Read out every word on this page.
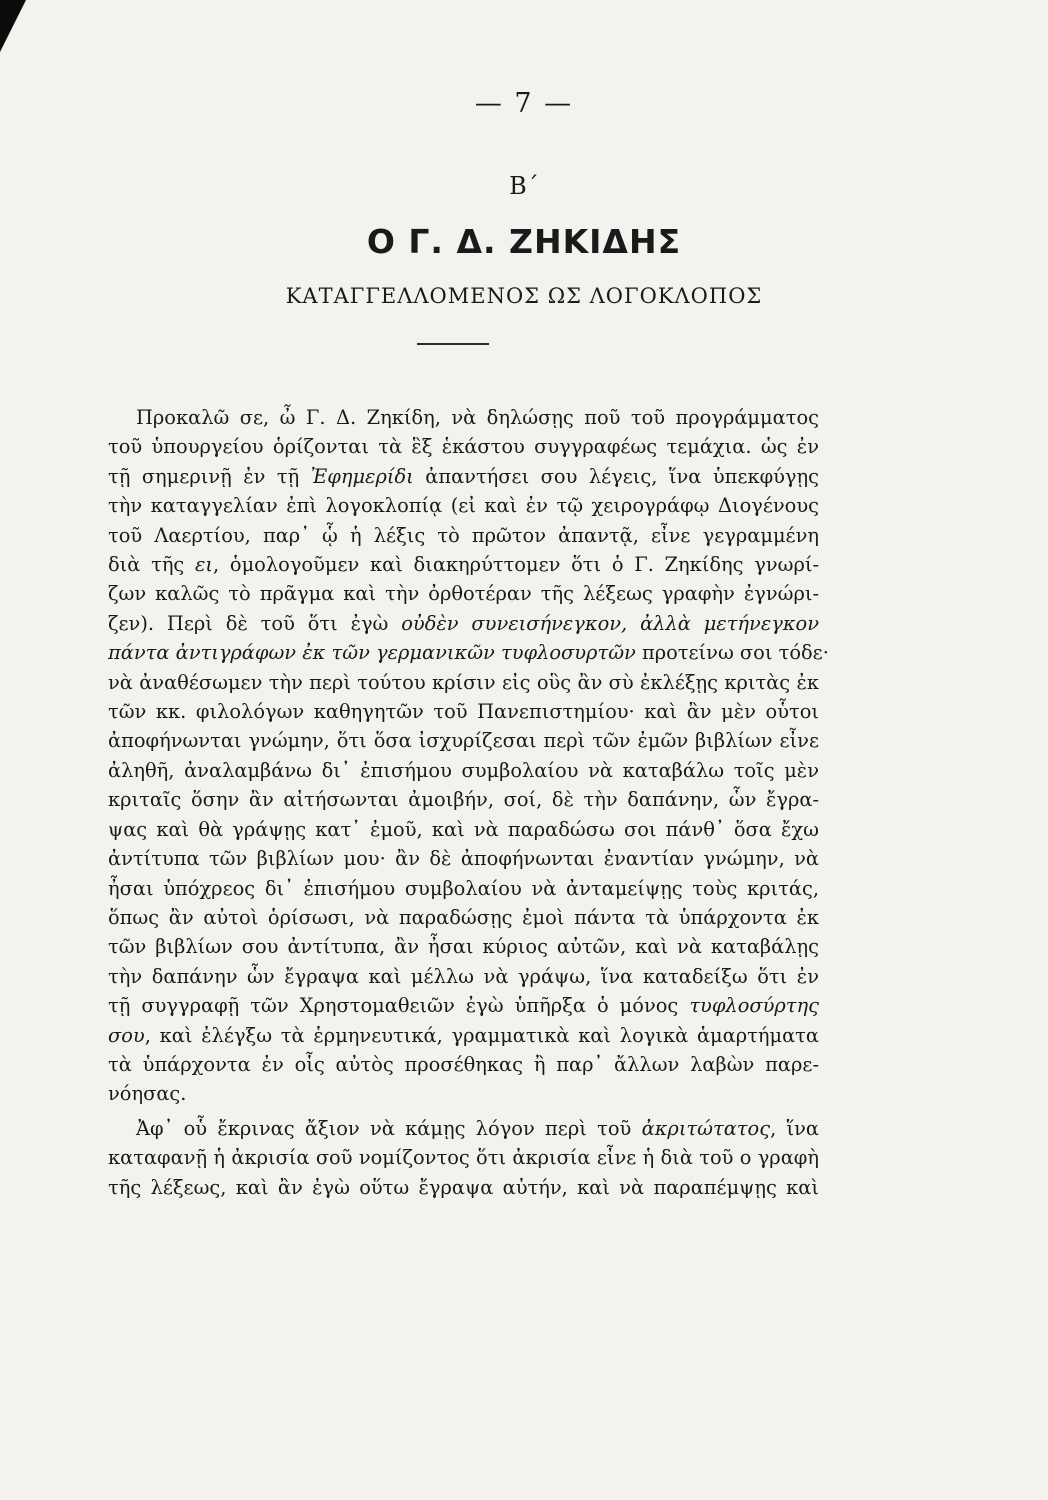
— 7 —
Β΄
Ο Γ. Δ. ΖΗΚΙΔΗΣ
ΚΑΤΑΓΓΕΛΛΟΜΕΝΟΣ ΩΣ ΛΟΓΟΚΛΟΠΟΣ
Προκαλῶ σε, ὦ Γ. Δ. Ζηκίδη, νὰ δηλώσῃς ποῦ τοῦ προγράμματος
τοῦ ὑπουργείου ὁρίζονται τὰ ἓξ ἑκάστου συγγραφέως τεμάχια. ὡς ἐν
τῇ σημερινῇ ἐν τῇ Ἐφημερίδι ἀπαντήσει σου λέγεις, ἵνα ὑπεκφύγῃς
τὴν καταγγελίαν ἐπὶ λογοκλοπίᾳ (εἰ καὶ ἐν τῷ χειρογράφῳ Διογένους
τοῦ Λαερτίου, παρ᾽ ᾧ ἡ λέξις τὸ πρῶτον ἀπαντᾷ, εἶνε γεγραμμένη
διὰ τῆς ει, ὁμολογοῦμεν καὶ διακηρύττομεν ὅτι ὁ Γ. Ζηκίδης γνωρί-
ζων καλῶς τὸ πρᾶγμα καὶ τὴν ὀρθοτέραν τῆς λέξεως γραφὴν ἐγνώρι-
ζεν). Περὶ δὲ τοῦ ὅτι ἐγὼ οὐδὲν συνεισήνεγκον, ἀλλὰ μετήνεγκον
πάντα ἀντιγράφων ἐκ τῶν γερμανικῶν τυφλοσυρτῶν προτείνω σοι τόδε·
νὰ ἀναθέσωμεν τὴν περὶ τούτου κρίσιν εἰς οὓς ἂν σὺ ἐκλέξῃς κριτὰς ἐκ
τῶν κκ. φιλολόγων καθηγητῶν τοῦ Πανεπιστημίου· καὶ ἂν μὲν οὗτοι
ἀποφήνωνται γνώμην, ὅτι ὅσα ἰσχυρίζεσαι περὶ τῶν ἐμῶν βιβλίων εἶνε
ἀληθῆ, ἀναλαμβάνω δι᾽ ἐπισήμου συμβολαίου νὰ καταβάλω τοῖς μὲν
κριταῖς ὅσην ἂν αἰτήσωνται ἀμοιβήν, σοί, δὲ τὴν δαπάνην, ὧν ἔγρα-
ψας καὶ θὰ γράψῃς κατ᾽ ἐμοῦ, καὶ νὰ παραδώσω σοι πάνθ᾽ ὅσα ἔχω
ἀντίτυπα τῶν βιβλίων μου· ἂν δὲ ἀποφήνωνται ἐναντίαν γνώμην, νὰ
ἦσαι ὑπόχρεος δι᾽ ἐπισήμου συμβολαίου νὰ ἀνταμείψῃς τοὺς κριτάς,
ὅπως ἂν αὐτοὶ ὁρίσωσι, νὰ παραδώσῃς ἐμοὶ πάντα τὰ ὑπάρχοντα ἐκ
τῶν βιβλίων σου ἀντίτυπα, ἂν ἦσαι κύριος αὐτῶν, καὶ νὰ καταβάλῃς
τὴν δαπάνην ὧν ἔγραψα καὶ μέλλω νὰ γράψω, ἵνα καταδείξω ὅτι ἐν
τῇ συγγραφῇ τῶν Χρηστομαθειῶν ἐγὼ ὑπῆρξα ὁ μόνος τυφλοσύρτης
σου, καὶ ἐλέγξω τὰ ἑρμηνευτικά, γραμματικὰ καὶ λογικὰ ἁμαρτήματα
τὰ ὑπάρχοντα ἐν οἷς αὐτὸς προσέθηκας ἢ παρ᾽ ἄλλων λαβὼν παρε-
νόησας.
Ἀφ᾽ οὗ ἔκρινας ἄξιον νὰ κάμῃς λόγον περὶ τοῦ ἀκριτώτατος, ἵνα
καταφανῇ ἡ ἀκρισία σοῦ νομίζοντος ὅτι ἀκρισία εἶνε ἡ διὰ τοῦ ο γραφὴ
τῆς λέξεως, καὶ ἂν ἐγὼ οὕτω ἔγραψα αὐτήν, καὶ νὰ παραπέμψῃς καὶ
